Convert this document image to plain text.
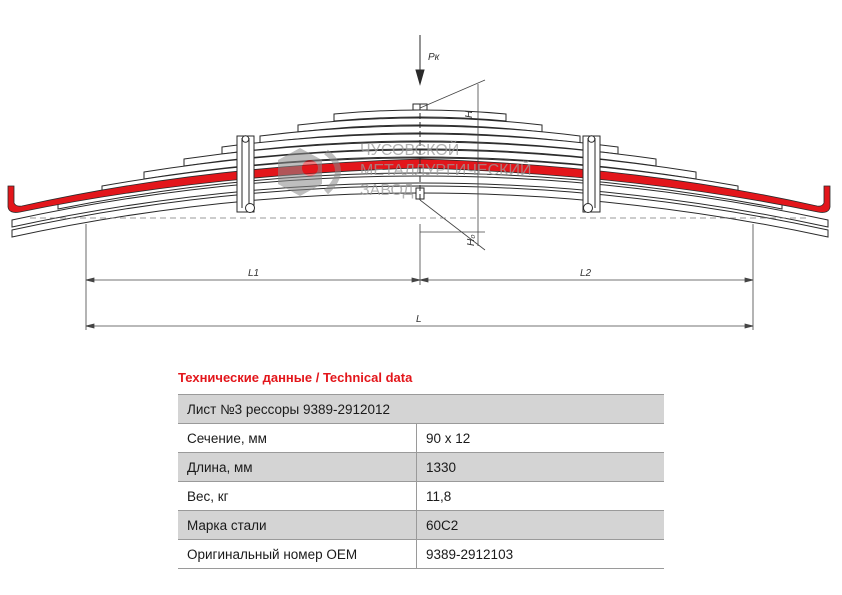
Pк
H
H₀
L1	L2
L
ЧУСОВСКОЙ
МЕТАЛЛУРГИЧЕСКИЙ
ЗАВОД
Технические данные / Technical data
Лист №3 рессоры 9389-2912012	
Сечение, мм	90 х 12
Длина, мм	1330
Вес, кг	11,8
Марка стали	60С2
Оригинальный номер OEM	9389-2912103
